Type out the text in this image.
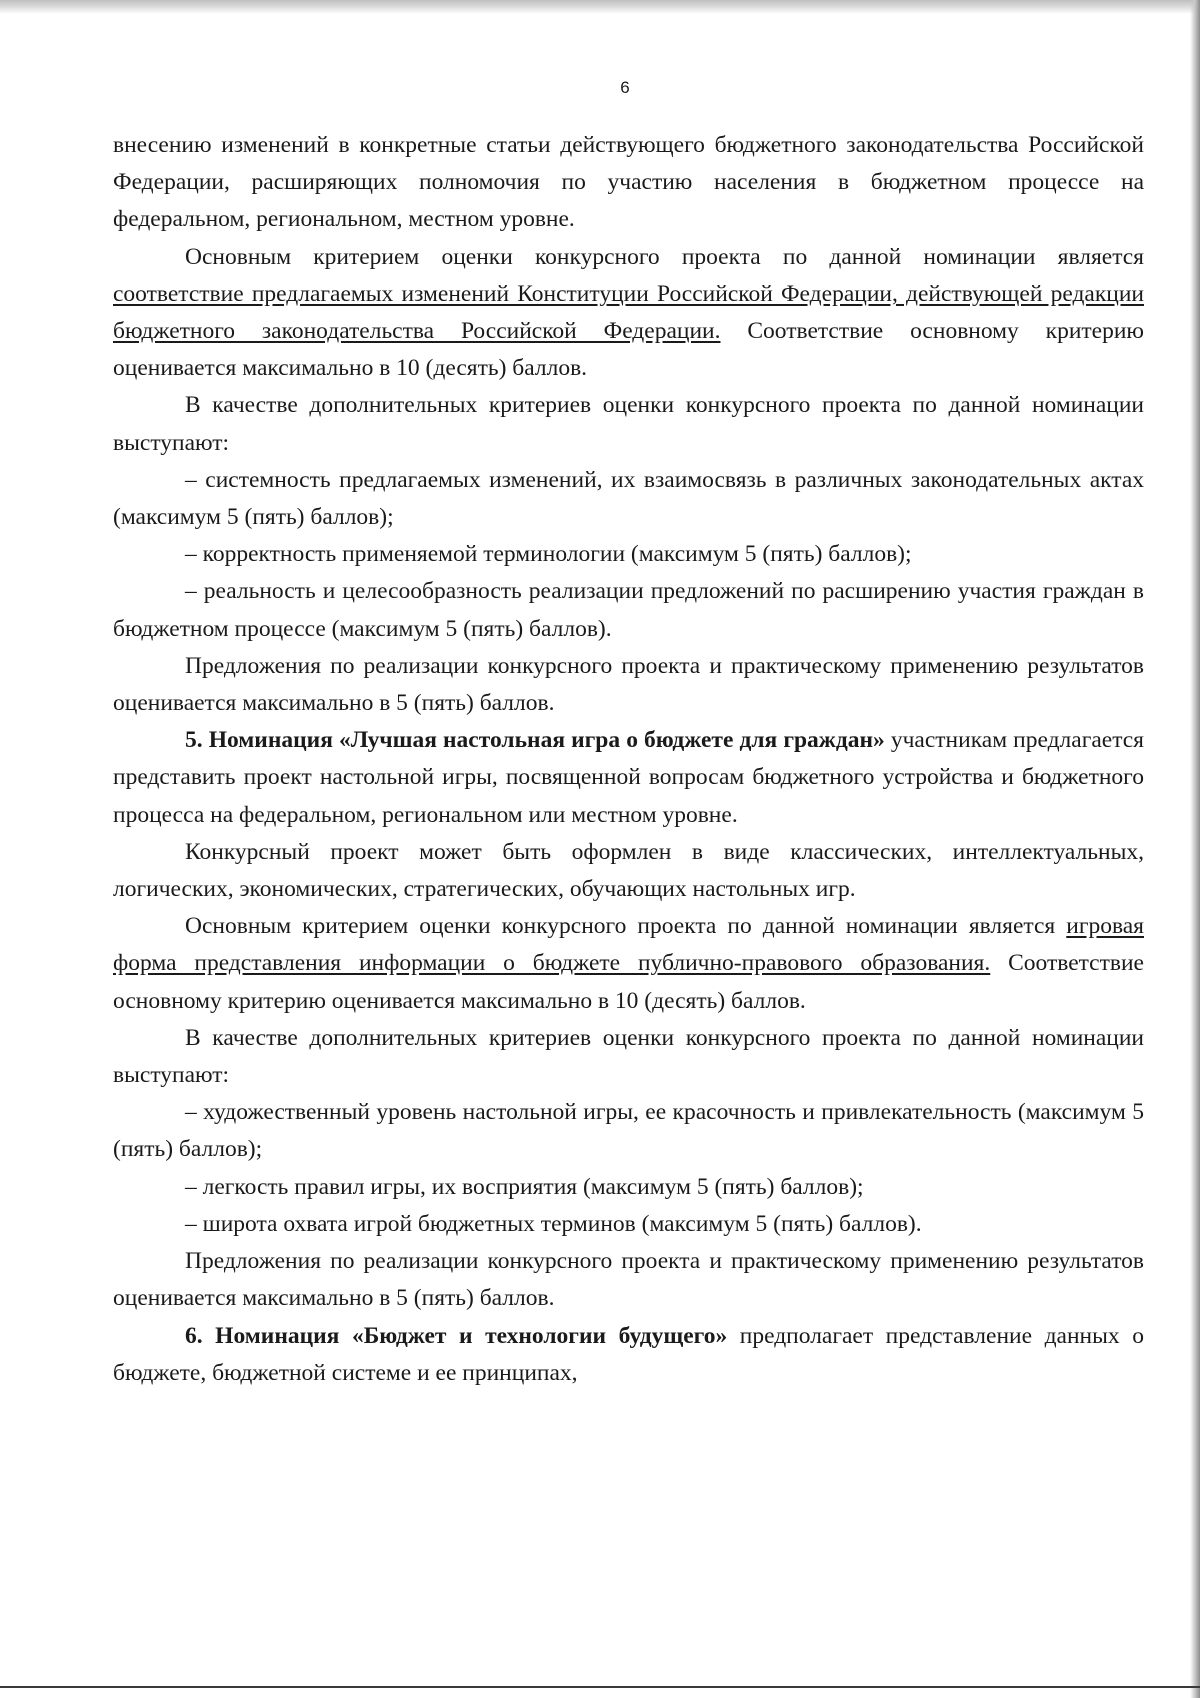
6

внесению изменений в конкретные статьи действующего бюджетного законодательства Российской Федерации, расширяющих полномочия по участию населения в бюджетном процессе на федеральном, региональном, местном уровне.

Основным критерием оценки конкурсного проекта по данной номинации является соответствие предлагаемых изменений Конституции Российской Федерации, действующей редакции бюджетного законодательства Российской Федерации. Соответствие основному критерию оценивается максимально в 10 (десять) баллов.

В качестве дополнительных критериев оценки конкурсного проекта по данной номинации выступают:

– системность предлагаемых изменений, их взаимосвязь в различных законодательных актах (максимум 5 (пять) баллов);

– корректность применяемой терминологии (максимум 5 (пять) баллов);

– реальность и целесообразность реализации предложений по расширению участия граждан в бюджетном процессе (максимум 5 (пять) баллов).

Предложения по реализации конкурсного проекта и практическому применению результатов оценивается максимально в 5 (пять) баллов.

5. Номинация «Лучшая настольная игра о бюджете для граждан» участникам предлагается представить проект настольной игры, посвященной вопросам бюджетного устройства и бюджетного процесса на федеральном, региональном или местном уровне.

Конкурсный проект может быть оформлен в виде классических, интеллектуальных, логических, экономических, стратегических, обучающих настольных игр.

Основным критерием оценки конкурсного проекта по данной номинации является игровая форма представления информации о бюджете публично-правового образования. Соответствие основному критерию оценивается максимально в 10 (десять) баллов.

В качестве дополнительных критериев оценки конкурсного проекта по данной номинации выступают:

– художественный уровень настольной игры, ее красочность и привлекательность (максимум 5 (пять) баллов);

– легкость правил игры, их восприятия (максимум 5 (пять) баллов);

– широта охвата игрой бюджетных терминов (максимум 5 (пять) баллов).

Предложения по реализации конкурсного проекта и практическому применению результатов оценивается максимально в 5 (пять) баллов.

6. Номинация «Бюджет и технологии будущего» предполагает представление данных о бюджете, бюджетной системе и ее принципах,
